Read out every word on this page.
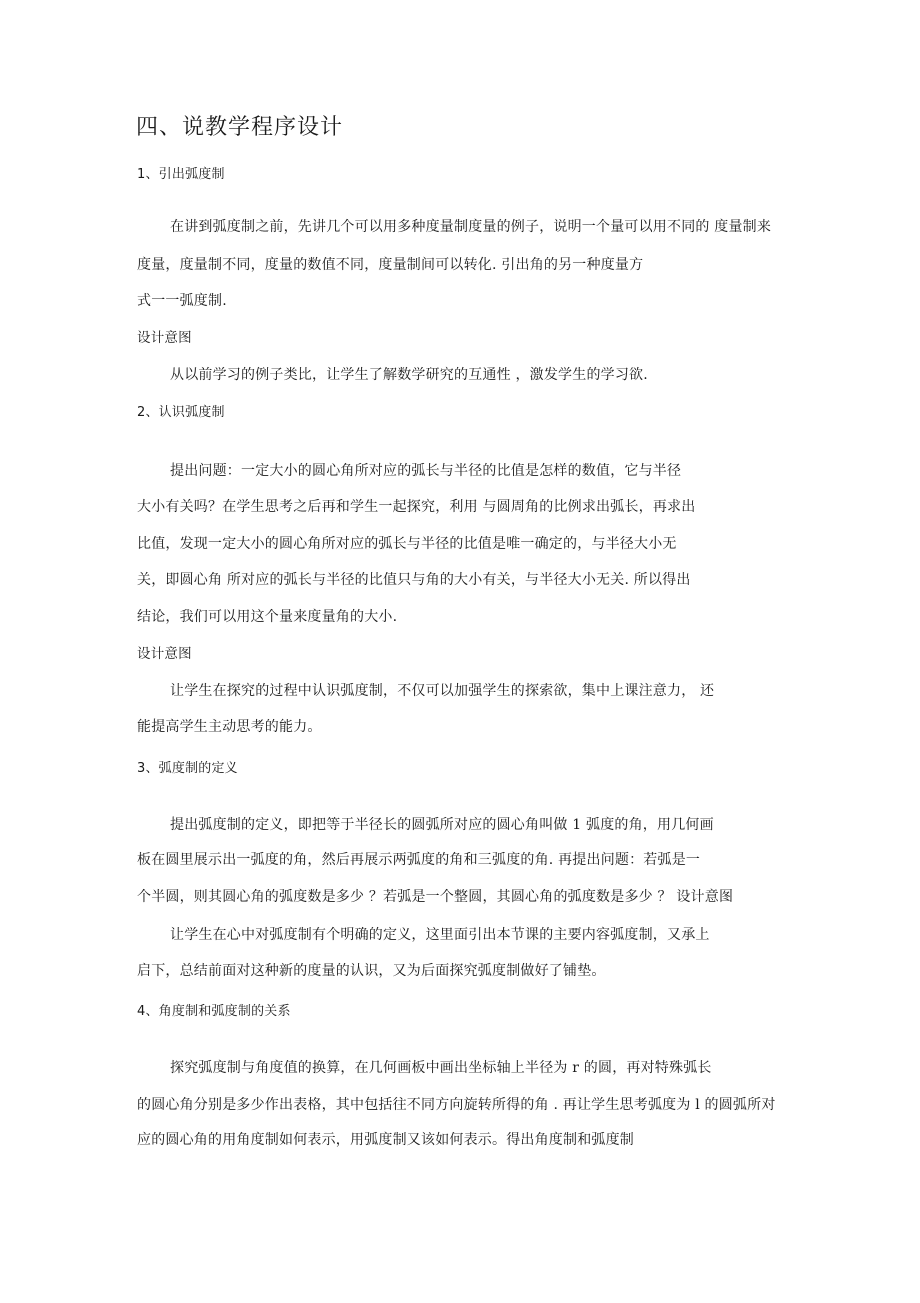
四、说教学程序设计
1、引出弧度制
在讲到弧度制之前，先讲几个可以用多种度量制度量的例子，说明一个量可以用不同的 度量制来
度量，度量制不同，度量的数值不同，度量制间可以转化. 引出角的另一种度量方
式一一弧度制.
设计意图
从以前学习的例子类比，让学生了解数学研究的互通性 ，激发学生的学习欲.
2、认识弧度制
提出问题：一定大小的圆心角所对应的弧长与半径的比值是怎样的数值，它与半径
大小有关吗？在学生思考之后再和学生一起探究，利用 与圆周角的比例求出弧长，再求出
比值，发现一定大小的圆心角所对应的弧长与半径的比值是唯一确定的，与半径大小无
关，即圆心角 所对应的弧长与半径的比值只与角的大小有关，与半径大小无关. 所以得出
结论，我们可以用这个量来度量角的大小.
设计意图
让学生在探究的过程中认识弧度制，不仅可以加强学生的探索欲，集中上课注意力， 还
能提高学生主动思考的能力。
3、弧度制的定义
提出弧度制的定义，即把等于半径长的圆弧所对应的圆心角叫做 1 弧度的角，用几何画
板在圆里展示出一弧度的角，然后再展示两弧度的角和三弧度的角. 再提出问题：若弧是一
个半圆，则其圆心角的弧度数是多少 ？若弧是一个整圆，其圆心角的弧度数是多少 ？ 设计意图
让学生在心中对弧度制有个明确的定义，这里面引出本节课的主要内容弧度制，又承上
启下，总结前面对这种新的度量的认识，又为后面探究弧度制做好了铺垫。
4、角度制和弧度制的关系
探究弧度制与角度值的换算，在几何画板中画出坐标轴上半径为 r 的圆，再对特殊弧长
的圆心角分别是多少作出表格，其中包括往不同方向旋转所得的角 . 再让学生思考弧度为 l 的圆弧所对
应的圆心角的用角度制如何表示，用弧度制又该如何表示。得出角度制和弧度制
